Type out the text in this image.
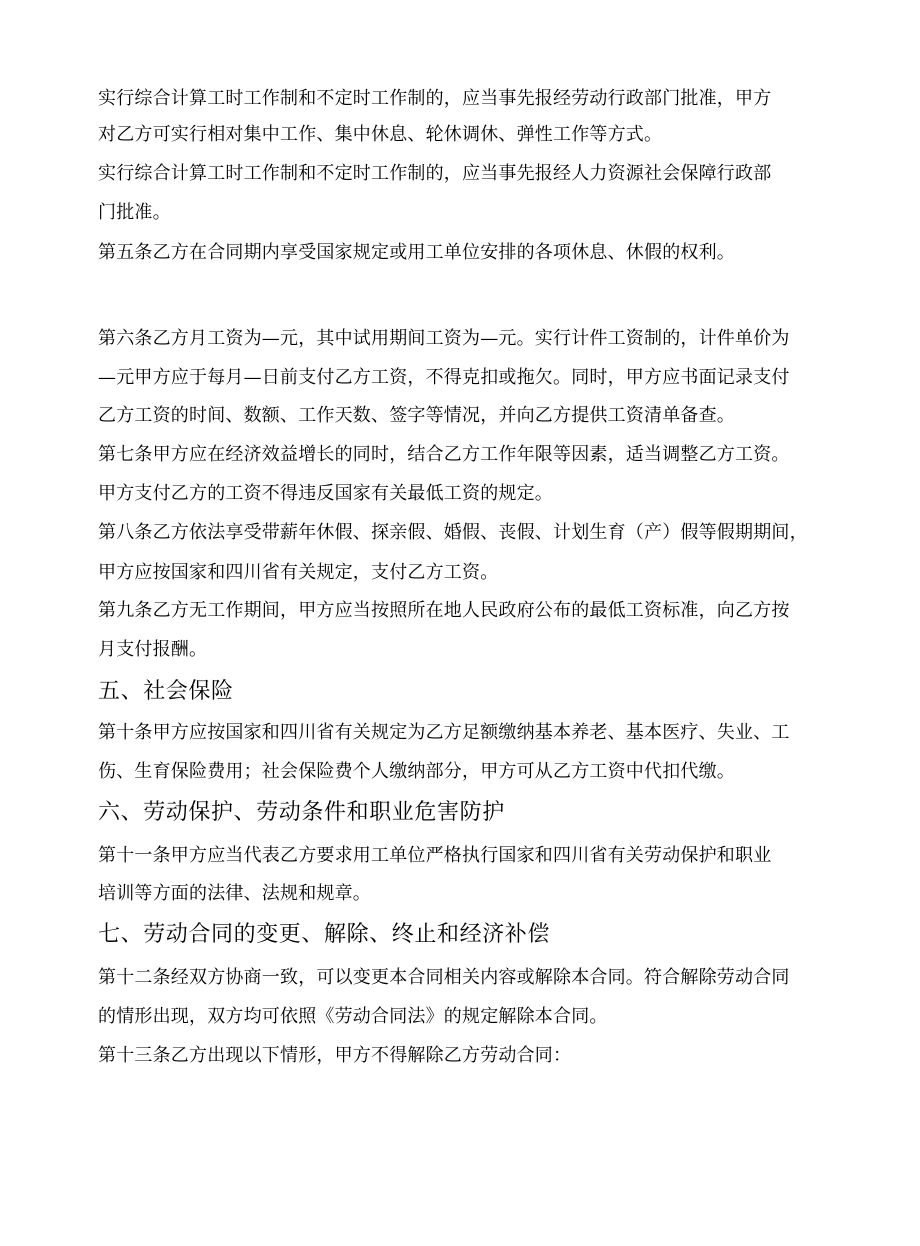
实行综合计算工时工作制和不定时工作制的，应当事先报经劳动行政部门批准，甲方
对乙方可实行相对集中工作、集中休息、轮休调休、弹性工作等方式。
实行综合计算工时工作制和不定时工作制的，应当事先报经人力资源社会保障行政部
门批准。
第五条乙方在合同期内享受国家规定或用工单位安排的各项休息、休假的权利。
第六条乙方月工资为—元，其中试用期间工资为—元。实行计件工资制的，计件单价为
—元甲方应于每月—日前支付乙方工资，不得克扣或拖欠。同时，甲方应书面记录支付
乙方工资的时间、数额、工作天数、签字等情况，并向乙方提供工资清单备查。
第七条甲方应在经济效益增长的同时，结合乙方工作年限等因素，适当调整乙方工资。
甲方支付乙方的工资不得违反国家有关最低工资的规定。
第八条乙方依法享受带薪年休假、探亲假、婚假、丧假、计划生育（产）假等假期期间，
甲方应按国家和四川省有关规定，支付乙方工资。
第九条乙方无工作期间，甲方应当按照所在地人民政府公布的最低工资标准，向乙方按
月支付报酬。
五、社会保险
第十条甲方应按国家和四川省有关规定为乙方足额缴纳基本养老、基本医疗、失业、工
伤、生育保险费用；社会保险费个人缴纳部分，甲方可从乙方工资中代扣代缴。
六、劳动保护、劳动条件和职业危害防护
第十一条甲方应当代表乙方要求用工单位严格执行国家和四川省有关劳动保护和职业
培训等方面的法律、法规和规章。
七、劳动合同的变更、解除、终止和经济补偿
第十二条经双方协商一致，可以变更本合同相关内容或解除本合同。符合解除劳动合同
的情形出现，双方均可依照《劳动合同法》的规定解除本合同。
第十三条乙方出现以下情形，甲方不得解除乙方劳动合同：
